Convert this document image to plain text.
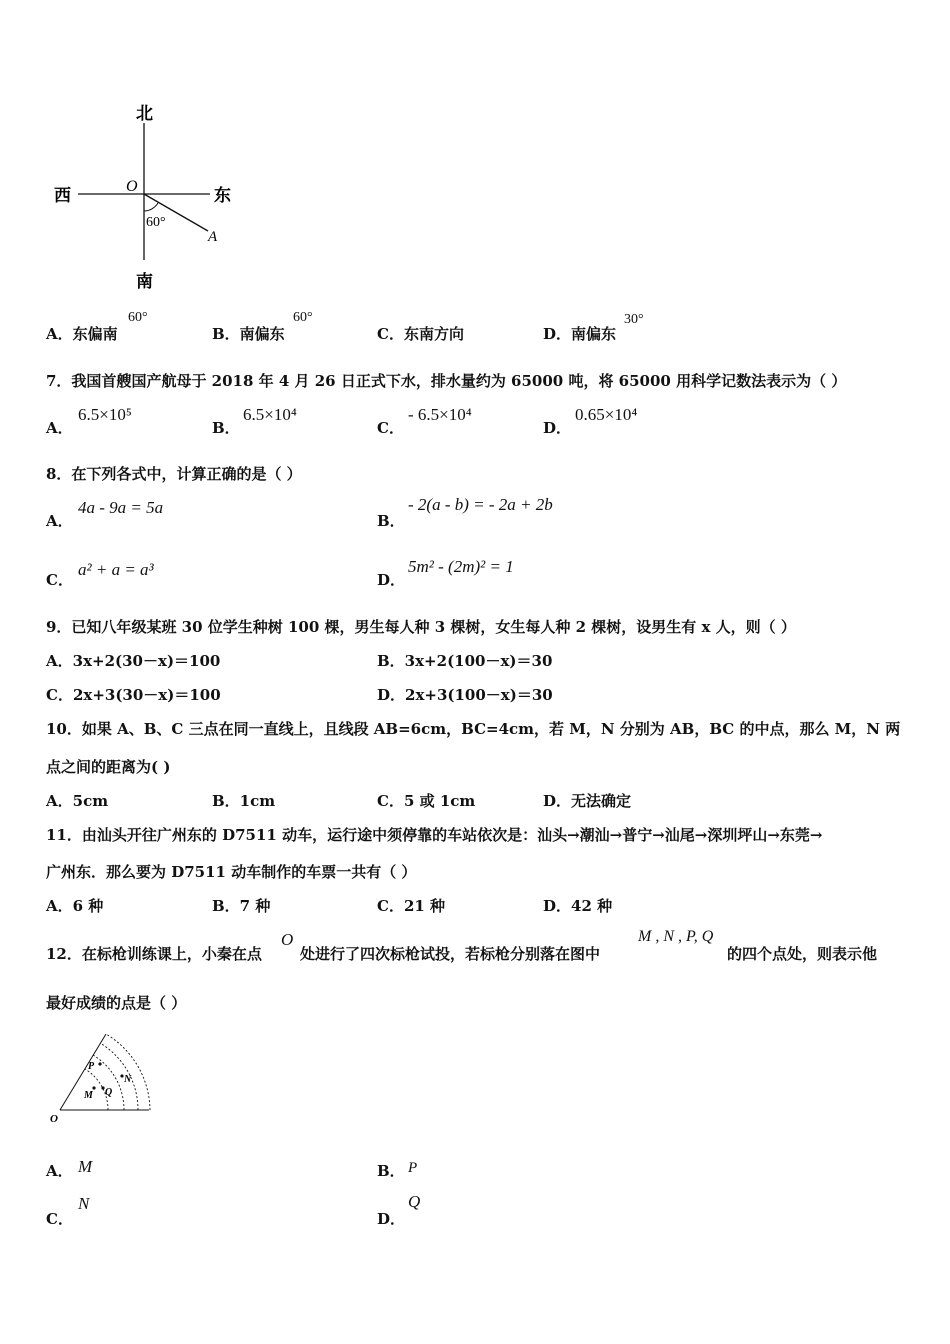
北
南
西	东
O
60°
A
A．东偏南
60°
B．南偏东
60°
C．东南方向	D．南偏东
30°
7．我国首艘国产航母于 2018 年 4 月 26 日正式下水，排水量约为 65000 吨，将 65000 用科学记数法表示为（ ）
A．
6.5×10⁵
B．
6.5×10⁴
C．
- 6.5×10⁴
D．
0.65×10⁴
8．在下列各式中，计算正确的是（ ）
A．
4a - 9a = 5a
B．
- 2(a - b) = - 2a + 2b
C．
a² + a = a³
D．
5m² - (2m)² = 1
9．已知八年级某班 30 位学生种树 100 棵，男生每人种 3 棵树，女生每人种 2 棵树，设男生有 x 人，则（ ）
A．3x+2(30－x)＝100	B．3x+2(100－x)＝30
C．2x+3(30－x)＝100	D．2x+3(100－x)＝30
10．如果 A、B、C 三点在同一直线上，且线段 AB=6cm，BC=4cm，若 M，N 分别为 AB，BC 的中点，那么 M，N 两
点之间的距离为( )
A．5cm	B．1cm	C．5 或 1cm	D．无法确定
11．由汕头开往广州东的 D7511 动车，运行途中须停靠的车站依次是：汕头→潮汕→普宁→汕尾→深圳坪山→东莞→
广州东．那么要为 D7511 动车制作的车票一共有（ ）
A．6 种	B．7 种	C．21 种	D．42 种
12．在标枪训练课上，小秦在点
O
处进行了四次标枪试投，若标枪分别落在图中
M , N , P, Q
的四个点处，则表示他
最好成绩的点是（ ）
O
P
N
M Q
A． M	B． P
C．
N
D．
Q
